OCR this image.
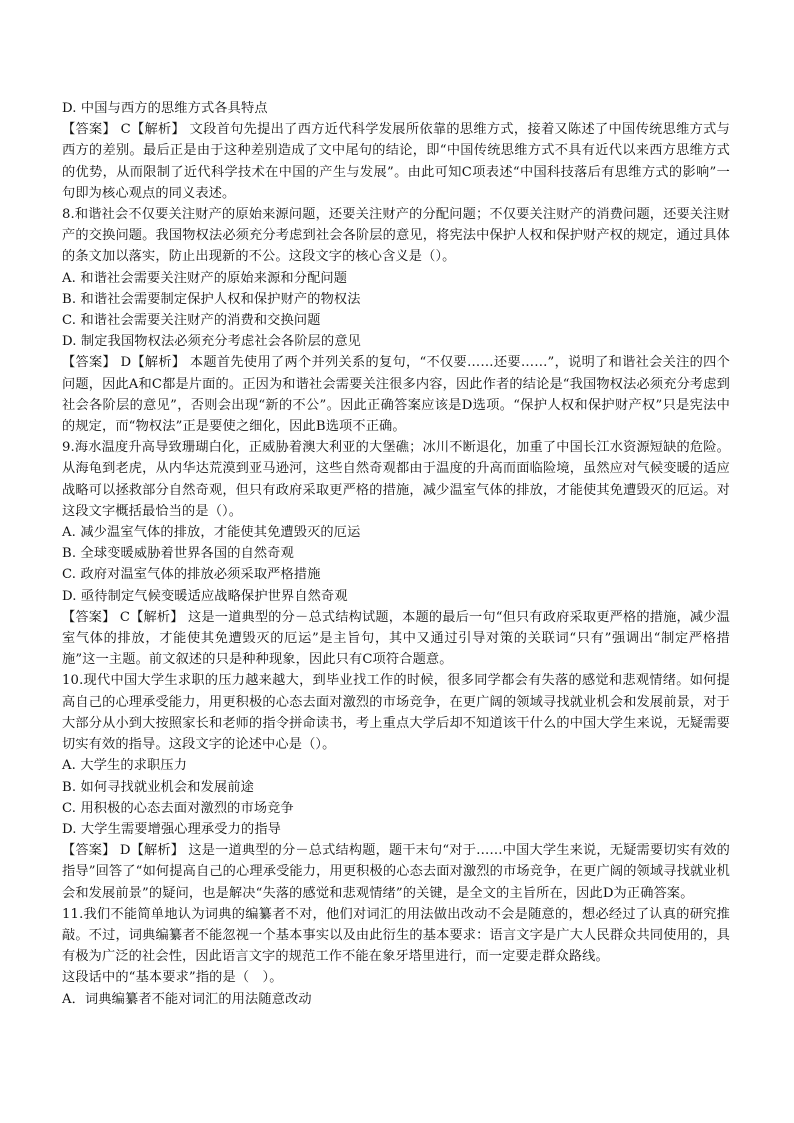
D. 中国与西方的思维方式各具特点
【答案】 C【解析】 文段首句先提出了西方近代科学发展所依靠的思维方式，接着又陈述了中国传统思维方式与西方的差别。最后正是由于这种差别造成了文中尾句的结论，即“中国传统思维方式不具有近代以来西方思维方式的优势，从而限制了近代科学技术在中国的产生与发展”。由此可知C项表述“中国科技落后有思维方式的影响”一句即为核心观点的同义表述。
8.和谐社会不仅要关注财产的原始来源问题，还要关注财产的分配问题；不仅要关注财产的消费问题，还要关注财产的交换问题。我国物权法必须充分考虑到社会各阶层的意见，将宪法中保护人权和保护财产权的规定，通过具体的条文加以落实，防止出现新的不公。这段文字的核心含义是（）。
A. 和谐社会需要关注财产的原始来源和分配问题
B. 和谐社会需要制定保护人权和保护财产的物权法
C. 和谐社会需要关注财产的消费和交换问题
D. 制定我国物权法必须充分考虑社会各阶层的意见
【答案】 D【解析】 本题首先使用了两个并列关系的复句，“不仅要……还要……”，说明了和谐社会关注的四个问题，因此A和C都是片面的。正因为和谐社会需要关注很多内容，因此作者的结论是“我国物权法必须充分考虑到社会各阶层的意见”，否则会出现“新的不公”。因此正确答案应该是D选项。“保护人权和保护财产权”只是宪法中的规定，而“物权法”正是要使之细化，因此B选项不正确。
9.海水温度升高导致珊瑚白化，正威胁着澳大利亚的大堡礁；冰川不断退化，加重了中国长江水资源短缺的危险。从海龟到老虎，从内华达荒漠到亚马逊河，这些自然奇观都由于温度的升高而面临险境，虽然应对气候变暖的适应战略可以拯救部分自然奇观，但只有政府采取更严格的措施，减少温室气体的排放，才能使其免遭毁灭的厄运。对这段文字概括最恰当的是（）。
A. 减少温室气体的排放，才能使其免遭毁灭的厄运
B. 全球变暖威胁着世界各国的自然奇观
C. 政府对温室气体的排放必须采取严格措施
D. 亟待制定气候变暖适应战略保护世界自然奇观
【答案】 C【解析】 这是一道典型的分－总式结构试题，本题的最后一句“但只有政府采取更严格的措施，减少温室气体的排放，才能使其免遭毁灭的厄运”是主旨句，其中又通过引导对策的关联词“只有”强调出“制定严格措施”这一主题。前文叙述的只是种种现象，因此只有C项符合题意。
10.现代中国大学生求职的压力越来越大，到毕业找工作的时候，很多同学都会有失落的感觉和悲观情绪。如何提高自己的心理承受能力，用更积极的心态去面对激烈的市场竞争，在更广阔的领域寻找就业机会和发展前景，对于大部分从小到大按照家长和老师的指令拼命读书，考上重点大学后却不知道该干什么的中国大学生来说，无疑需要切实有效的指导。这段文字的论述中心是（）。
A. 大学生的求职压力
B. 如何寻找就业机会和发展前途
C. 用积极的心态去面对激烈的市场竞争
D. 大学生需要增强心理承受力的指导
【答案】 D【解析】 这是一道典型的分－总式结构题，题干末句“对于……中国大学生来说，无疑需要切实有效的指导”回答了“如何提高自己的心理承受能力，用更积极的心态去面对激烈的市场竞争，在更广阔的领域寻找就业机会和发展前景”的疑问，也是解决“失落的感觉和悲观情绪”的关键，是全文的主旨所在，因此D为正确答案。
11.我们不能简单地认为词典的编纂者不对，他们对词汇的用法做出改动不会是随意的，想必经过了认真的研究推敲。不过，词典编纂者不能忽视一个基本事实以及由此衍生的基本要求：语言文字是广大人民群众共同使用的，具有极为广泛的社会性，因此语言文字的规范工作不能在象牙塔里进行，而一定要走群众路线。
这段话中的“基本要求”指的是（　）。
A．词典编纂者不能对词汇的用法随意改动
